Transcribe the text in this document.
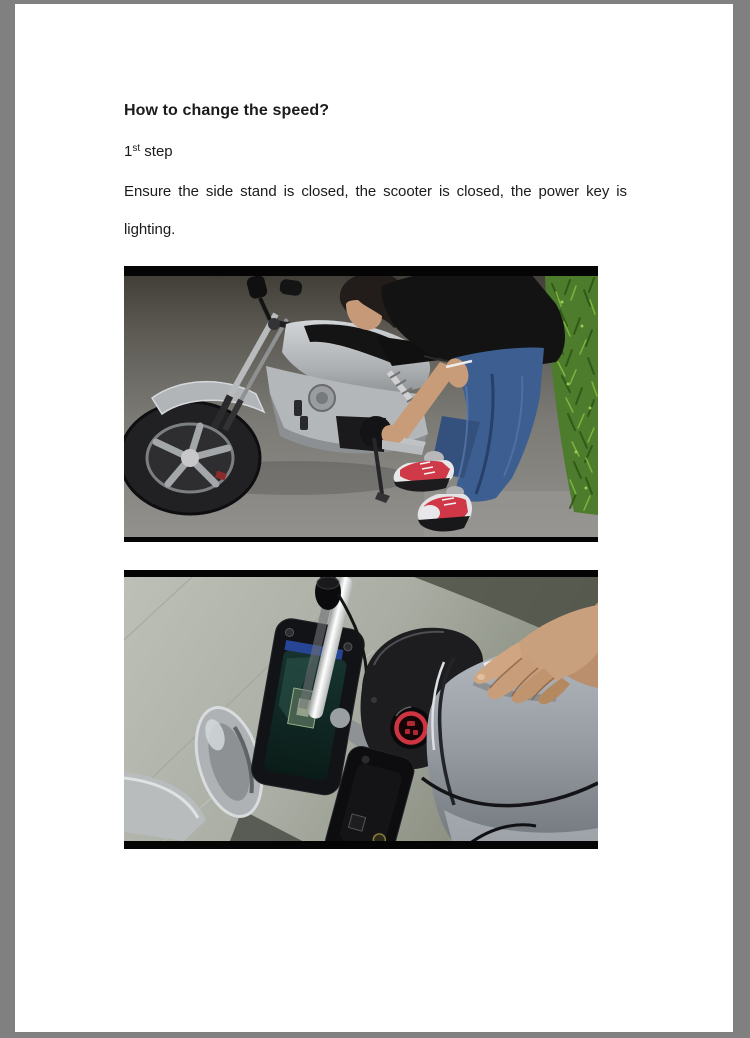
How to change the speed?

1st step

Ensure the side stand is closed, the scooter is closed, the power key is
lighting.
